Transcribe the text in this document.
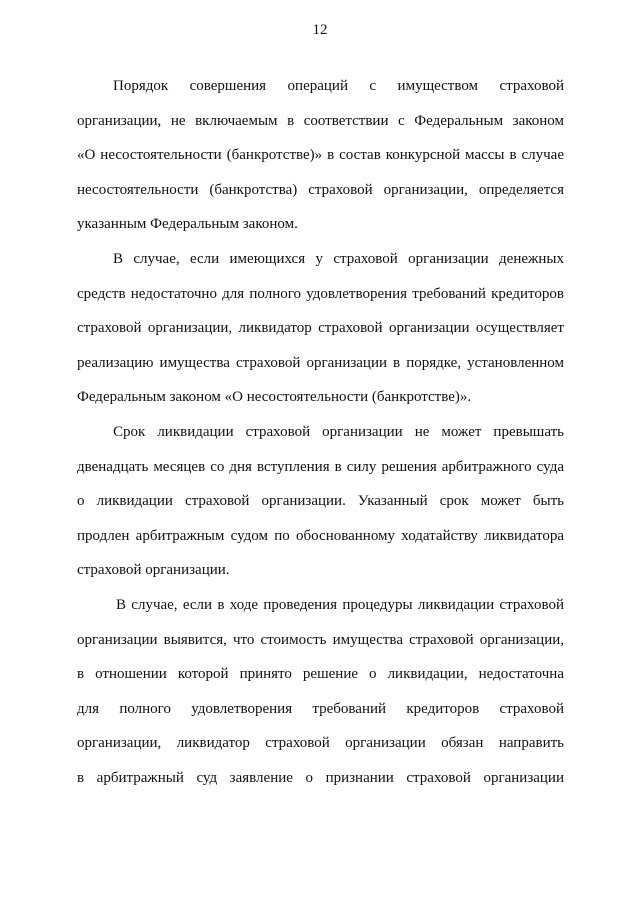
12
Порядок совершения операций с имуществом страховой
организации, не включаемым в соответствии с Федеральным законом
«О несостоятельности (банкротстве)» в состав конкурсной массы в случае
несостоятельности (банкротства) страховой организации, определяется
указанным Федеральным законом.
В случае, если имеющихся у страховой организации денежных
средств недостаточно для полного удовлетворения требований кредиторов
страховой организации, ликвидатор страховой организации осуществляет
реализацию имущества страховой организации в порядке, установленном
Федеральным законом «О несостоятельности (банкротстве)».
Срок ликвидации страховой организации не может превышать
двенадцать месяцев со дня вступления в силу решения арбитражного суда
о ликвидации страховой организации. Указанный срок может быть
продлен арбитражным судом по обоснованному ходатайству ликвидатора
страховой организации.
В случае, если в ходе проведения процедуры ликвидации страховой
организации выявится, что стоимость имущества страховой организации,
в отношении которой принято решение о ликвидации, недостаточна
для полного удовлетворения требований кредиторов страховой
организации, ликвидатор страховой организации обязан направить
в арбитражный суд заявление о признании страховой организации
